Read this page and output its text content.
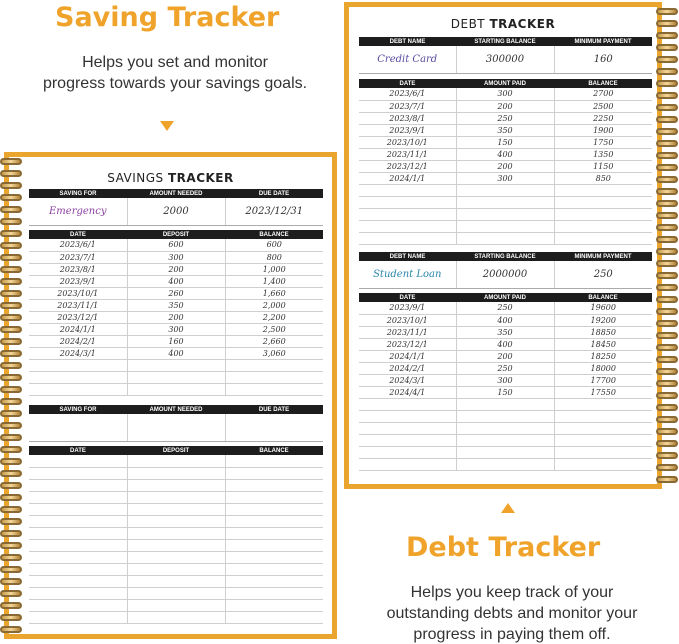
Saving Tracker
Helps you set and monitor
progress towards your savings goals.
SAVINGS TRACKER
SAVING FOR	AMOUNT NEEDED	DUE DATE
Emergency	2000	2023/12/31
DATE	DEPOSIT	BALANCE
2023/6/1	600	600
2023/7/1	300	800
2023/8/1	200	1,000
2023/9/1	400	1,400
2023/10/1	260	1,660
2023/11/1	350	2,000
2023/12/1	200	2,200
2024/1/1	300	2,500
2024/2/1	160	2,660
2024/3/1	400	3,060

SAVING FOR	AMOUNT NEEDED	DUE DATE

DATE	DEPOSIT	BALANCE

DEBT TRACKER
DEBT NAME	STARTING BALANCE	MINIMUM PAYMENT
Credit Card	300000	160
DATE	AMOUNT PAID	BALANCE
2023/6/1	300	2700
2023/7/1	200	2500
2023/8/1	250	2250
2023/9/1	350	1900
2023/10/1	150	1750
2023/11/1	400	1350
2023/12/1	200	1150
2024/1/1	300	850

DEBT NAME	STARTING BALANCE	MINIMUM PAYMENT
Student Loan	2000000	250
DATE	AMOUNT PAID	BALANCE
2023/9/1	250	19600
2023/10/1	400	19200
2023/11/1	350	18850
2023/12/1	400	18450
2024/1/1	200	18250
2024/2/1	250	18000
2024/3/1	300	17700
2024/4/1	150	17550

Debt Tracker
Helps you keep track of your
outstanding debts and monitor your
progress in paying them off.
